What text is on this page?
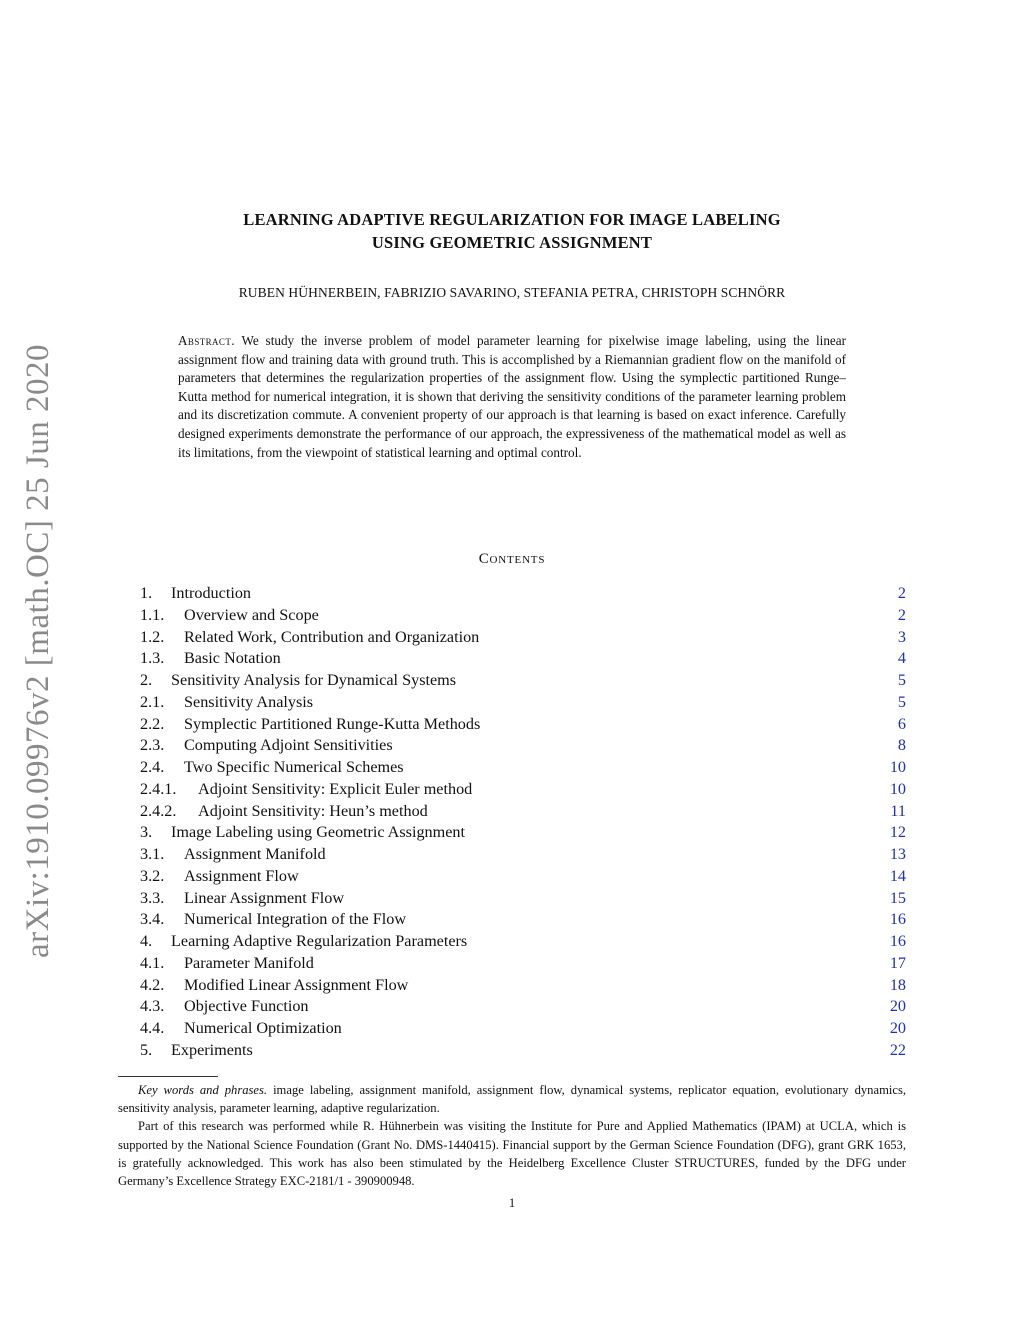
arXiv:1910.09976v2 [math.OC] 25 Jun 2020
LEARNING ADAPTIVE REGULARIZATION FOR IMAGE LABELING
USING GEOMETRIC ASSIGNMENT
RUBEN HÜHNERBEIN, FABRIZIO SAVARINO, STEFANIA PETRA, CHRISTOPH SCHNÖRR
Abstract. We study the inverse problem of model parameter learning for pixelwise image labeling, using the linear assignment flow and training data with ground truth. This is accomplished by a Riemannian gradient flow on the manifold of parameters that determines the regularization properties of the assignment flow. Using the symplectic partitioned Runge–Kutta method for numerical integration, it is shown that deriving the sensitivity conditions of the parameter learning problem and its discretization commute. A convenient property of our approach is that learning is based on exact inference. Carefully designed experiments demonstrate the performance of our approach, the expressiveness of the mathematical model as well as its limitations, from the viewpoint of statistical learning and optimal control.
Contents
1. Introduction	2
1.1. Overview and Scope	2
1.2. Related Work, Contribution and Organization	3
1.3. Basic Notation	4
2. Sensitivity Analysis for Dynamical Systems	5
2.1. Sensitivity Analysis	5
2.2. Symplectic Partitioned Runge-Kutta Methods	6
2.3. Computing Adjoint Sensitivities	8
2.4. Two Specific Numerical Schemes	10
2.4.1. Adjoint Sensitivity: Explicit Euler method	10
2.4.2. Adjoint Sensitivity: Heun’s method	11
3. Image Labeling using Geometric Assignment	12
3.1. Assignment Manifold	13
3.2. Assignment Flow	14
3.3. Linear Assignment Flow	15
3.4. Numerical Integration of the Flow	16
4. Learning Adaptive Regularization Parameters	16
4.1. Parameter Manifold	17
4.2. Modified Linear Assignment Flow	18
4.3. Objective Function	20
4.4. Numerical Optimization	20
5. Experiments	22

Key words and phrases. image labeling, assignment manifold, assignment flow, dynamical systems, replicator equation, evolutionary dynamics, sensitivity analysis, parameter learning, adaptive regularization.

Part of this research was performed while R. Hühnerbein was visiting the Institute for Pure and Applied Mathematics (IPAM) at UCLA, which is supported by the National Science Foundation (Grant No. DMS-1440415). Financial support by the German Science Foundation (DFG), grant GRK 1653, is gratefully acknowledged. This work has also been stimulated by the Heidelberg Excellence Cluster STRUCTURES, funded by the DFG under Germany’s Excellence Strategy EXC-2181/1 - 390900948.

1
